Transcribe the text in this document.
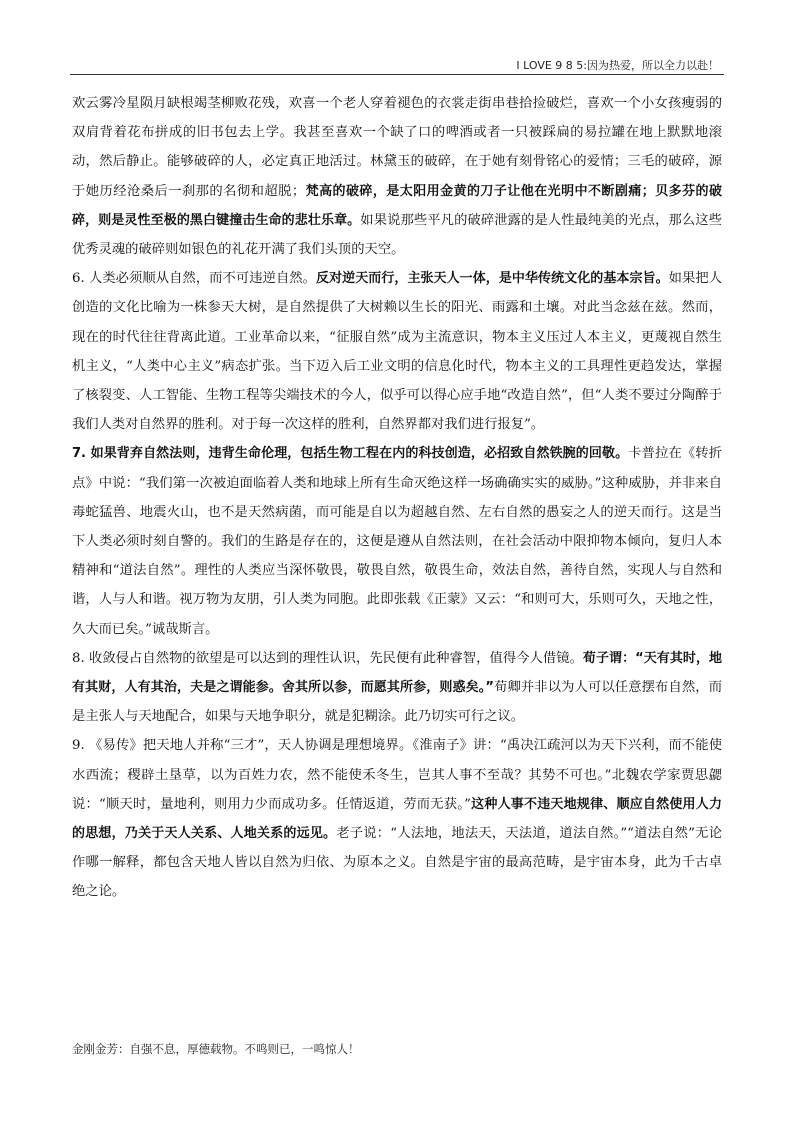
I LOVE 9 8 5:因为热爱，所以全力以赴！

欢云雾冷星陨月缺根竭茎柳败花残，欢喜一个老人穿着褪色的衣裳走街串巷拾捡破烂，喜欢一个小女孩瘦弱的双肩背着花布拼成的旧书包去上学。我甚至喜欢一个缺了口的啤酒或者一只被踩扁的易拉罐在地上默默地滚动，然后静止。能够破碎的人，必定真正地活过。林黛玉的破碎，在于她有刻骨铭心的爱情；三毛的破碎，源于她历经沧桑后一刹那的名彻和超脱；梵高的破碎，是太阳用金黄的刀子让他在光明中不断剧痛；贝多芬的破碎，则是灵性至极的黑白键撞击生命的悲壮乐章。如果说那些平凡的破碎泄露的是人性最纯美的光点，那么这些优秀灵魂的破碎则如银色的礼花开满了我们头顶的天空。

6. 人类必须顺从自然，而不可违逆自然。反对逆天而行，主张天人一体，是中华传统文化的基本宗旨。如果把人创造的文化比喻为一株参天大树，是自然提供了大树赖以生长的阳光、雨露和土壤。对此当念兹在兹。然而，现在的时代往往背离此道。工业革命以来，“征服自然”成为主流意识，物本主义压过人本主义，更蔑视自然生机主义，“人类中心主义”病态扩张。当下迈入后工业文明的信息化时代，物本主义的工具理性更趋发达，掌握了核裂变、人工智能、生物工程等尖端技术的今人，似乎可以得心应手地“改造自然”，但“人类不要过分陶醉于我们人类对自然界的胜利。对于每一次这样的胜利，自然界都对我们进行报复”。

7. 如果背弃自然法则，违背生命伦理，包括生物工程在内的科技创造，必招致自然铁腕的回敬。卡普拉在《转折点》中说：“我们第一次被迫面临着人类和地球上所有生命灭绝这样一场确确实实的威胁。”这种威胁，并非来自毒蛇猛兽、地震火山，也不是天然病菌，而可能是自以为超越自然、左右自然的愚妄之人的逆天而行。这是当下人类必须时刻自警的。我们的生路是存在的，这便是遵从自然法则，在社会活动中限抑物本倾向，复归人本精神和“道法自然”。理性的人类应当深怀敬畏，敬畏自然，敬畏生命，效法自然，善待自然，实现人与自然和谐，人与人和谐。视万物为友朋，引人类为同胞。此即张载《正蒙》又云：“和则可大，乐则可久，天地之性，久大而已矣。”诚哉斯言。

8. 收敛侵占自然物的欲望是可以达到的理性认识，先民便有此种睿智，值得今人借镜。荀子谓：“天有其时，地有其财，人有其治，夫是之谓能参。舍其所以参，而愿其所参，则惑矣。”荀卿并非以为人可以任意摆布自然，而是主张人与天地配合，如果与天地争职分，就是犯糊涂。此乃切实可行之议。

9. 《易传》把天地人并称“三才”，天人协调是理想境界。《淮南子》讲：“禹决江疏河以为天下兴利，而不能使水西流；稷辟土垦草，以为百姓力农，然不能使禾冬生，岂其人事不至哉？其势不可也。”北魏农学家贾思勰说：“顺天时，量地利，则用力少而成功多。任情返道，劳而无获。”这种人事不违天地规律、顺应自然使用人力的思想，乃关于天人关系、人地关系的远见。老子说：“人法地，地法天，天法道，道法自然。”“道法自然”无论作哪一解释，都包含天地人皆以自然为归依、为原本之义。自然是宇宙的最高范畴，是宇宙本身，此为千古卓绝之论。

金刚金芳：自强不息，厚德载物。不鸣则已，一鸣惊人！
